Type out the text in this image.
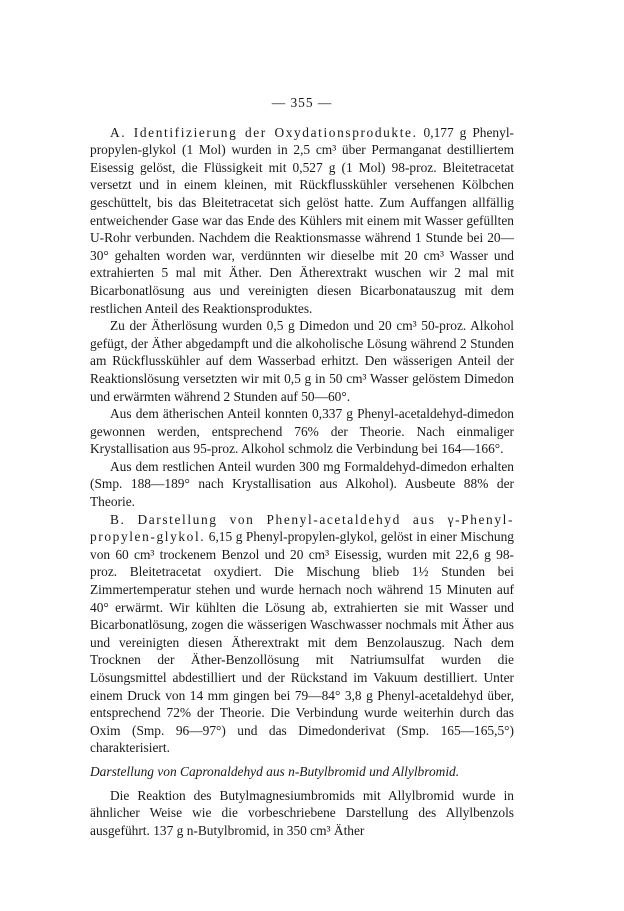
— 355 —

A. Identifizierung der Oxydationsprodukte. 0,177 g Phenyl-propylen-glykol (1 Mol) wurden in 2,5 cm³ über Permanganat destilliertem Eisessig gelöst, die Flüssigkeit mit 0,527 g (1 Mol) 98-proz. Bleitetracetat versetzt und in einem kleinen, mit Rückflusskühler versehenen Kölbchen geschüttelt, bis das Bleitetracetat sich gelöst hatte. Zum Auffangen allfällig entweichender Gase war das Ende des Kühlers mit einem mit Wasser gefüllten U-Rohr verbunden. Nachdem die Reaktionsmasse während 1 Stunde bei 20—30° gehalten worden war, verdünnten wir dieselbe mit 20 cm³ Wasser und extrahierten 5 mal mit Äther. Den Ätherextrakt wuschen wir 2 mal mit Bicarbonatlösung aus und vereinigten diesen Bicarbonatauszug mit dem restlichen Anteil des Reaktionsproduktes.

Zu der Ätherlösung wurden 0,5 g Dimedon und 20 cm³ 50-proz. Alkohol gefügt, der Äther abgedampft und die alkoholische Lösung während 2 Stunden am Rückflusskühler auf dem Wasserbad erhitzt. Den wässerigen Anteil der Reaktionslösung versetzten wir mit 0,5 g in 50 cm³ Wasser gelöstem Dimedon und erwärmten während 2 Stunden auf 50—60°.

Aus dem ätherischen Anteil konnten 0,337 g Phenyl-acetaldehyd-dimedon gewonnen werden, entsprechend 76% der Theorie. Nach einmaliger Krystallisation aus 95-proz. Alkohol schmolz die Verbindung bei 164—166°.

Aus dem restlichen Anteil wurden 300 mg Formaldehyd-dimedon erhalten (Smp. 188—189° nach Krystallisation aus Alkohol). Ausbeute 88% der Theorie.

B. Darstellung von Phenyl-acetaldehyd aus γ-Phenyl-propylen-glykol. 6,15 g Phenyl-propylen-glykol, gelöst in einer Mischung von 60 cm³ trockenem Benzol und 20 cm³ Eisessig, wurden mit 22,6 g 98-proz. Bleitetracetat oxydiert. Die Mischung blieb 1½ Stunden bei Zimmertemperatur stehen und wurde hernach noch während 15 Minuten auf 40° erwärmt. Wir kühlten die Lösung ab, extrahierten sie mit Wasser und Bicarbonatlösung, zogen die wässerigen Waschwasser nochmals mit Äther aus und vereinigten diesen Ätherextrakt mit dem Benzolauszug. Nach dem Trocknen der Äther-Benzollösung mit Natriumsulfat wurden die Lösungsmittel abdestilliert und der Rückstand im Vakuum destilliert. Unter einem Druck von 14 mm gingen bei 79—84° 3,8 g Phenyl-acetaldehyd über, entsprechend 72% der Theorie. Die Verbindung wurde weiterhin durch das Oxim (Smp. 96—97°) und das Dimedonderivat (Smp. 165—165,5°) charakterisiert.

Darstellung von Capronaldehyd aus n-Butylbromid und Allylbromid.

Die Reaktion des Butylmagnesiumbromids mit Allylbromid wurde in ähnlicher Weise wie die vorbeschriebene Darstellung des Allylbenzols ausgeführt. 137 g n-Butylbromid, in 350 cm³ Äther
